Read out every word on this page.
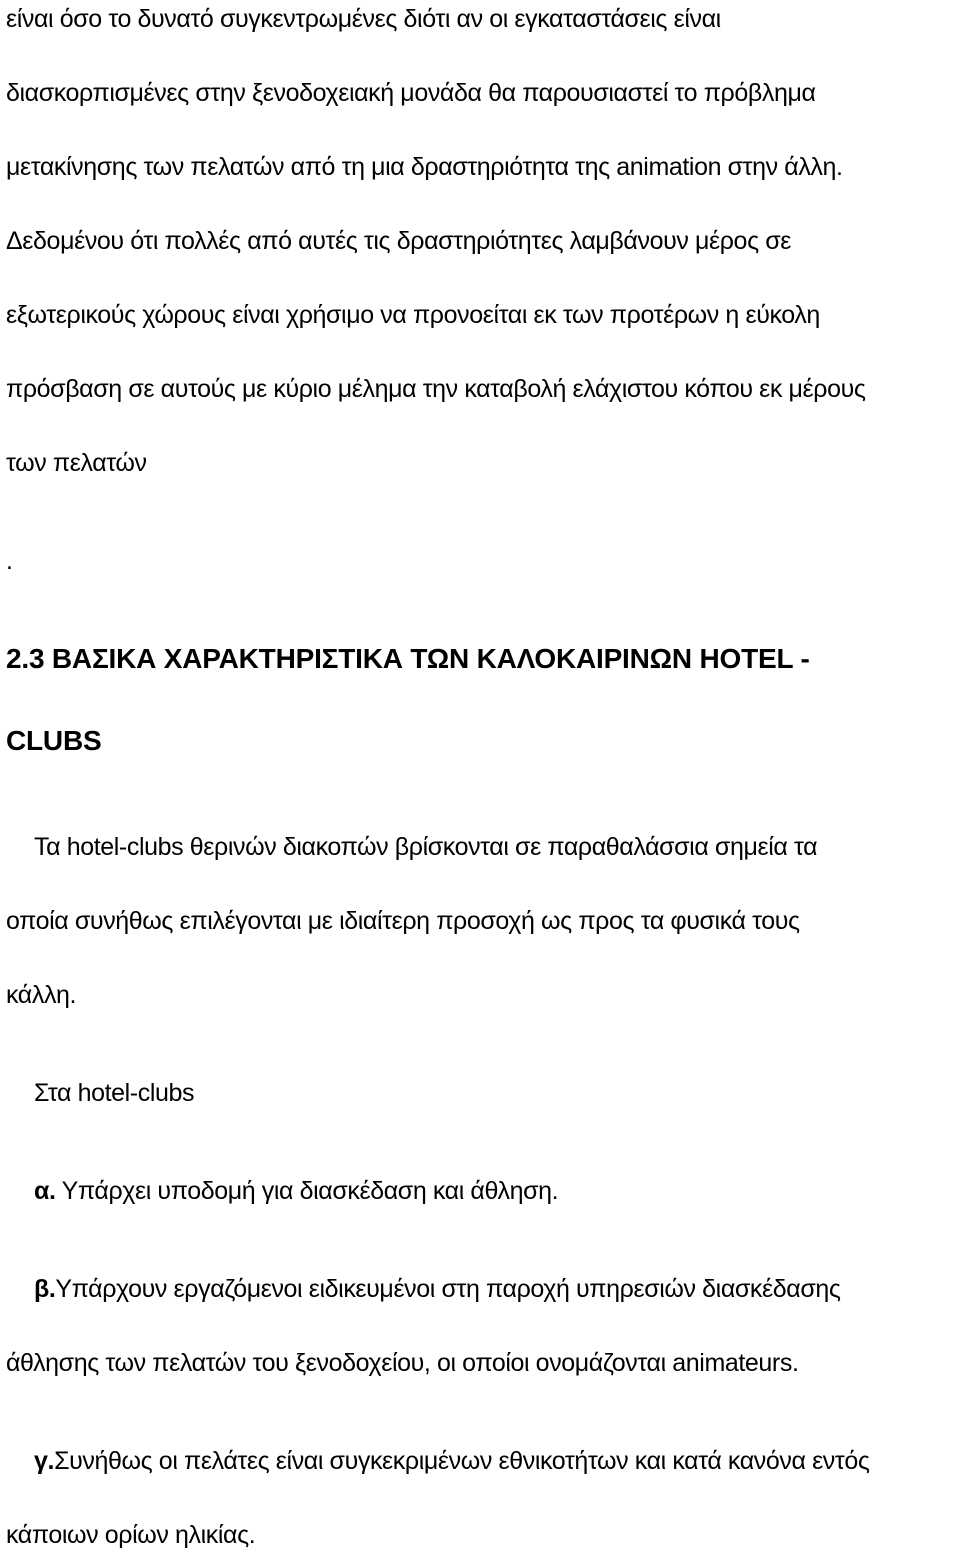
είναι όσο το δυνατό συγκεντρωμένες διότι αν οι εγκαταστάσεις είναι
διασκορπισμένες στην ξενοδοχειακή μονάδα θα παρουσιαστεί το πρόβλημα
μετακίνησης των πελατών από τη μια δραστηριότητα της animation στην άλλη.
Δεδομένου ότι πολλές από αυτές τις δραστηριότητες λαμβάνουν μέρος σε
εξωτερικούς χώρους είναι χρήσιμο να προνοείται εκ των προτέρων η εύκολη
πρόσβαση σε αυτούς με κύριο μέλημα την καταβολή ελάχιστου κόπου εκ μέρους
των πελατών
.
2.3 ΒΑΣΙΚΑ ΧΑΡΑΚΤΗΡΙΣΤΙΚΑ ΤΩΝ ΚΑΛΟΚΑΙΡΙΝΩΝ HOTEL -
CLUBS
Τα hotel-clubs θερινών διακοπών βρίσκονται σε παραθαλάσσια σημεία τα
οποία συνήθως επιλέγονται με ιδιαίτερη προσοχή ως προς τα φυσικά τους
κάλλη.
Στα hotel-clubs
α. Υπάρχει υποδομή για διασκέδαση και άθληση.
β.Υπάρχουν εργαζόμενοι ειδικευμένοι στη παροχή υπηρεσιών διασκέδασης
άθλησης των πελατών του ξενοδοχείου, οι οποίοι ονομάζονται animateurs.
γ.Συνήθως οι πελάτες είναι συγκεκριμένων εθνικοτήτων και κατά κανόνα εντός
κάποιων ορίων ηλικίας.
